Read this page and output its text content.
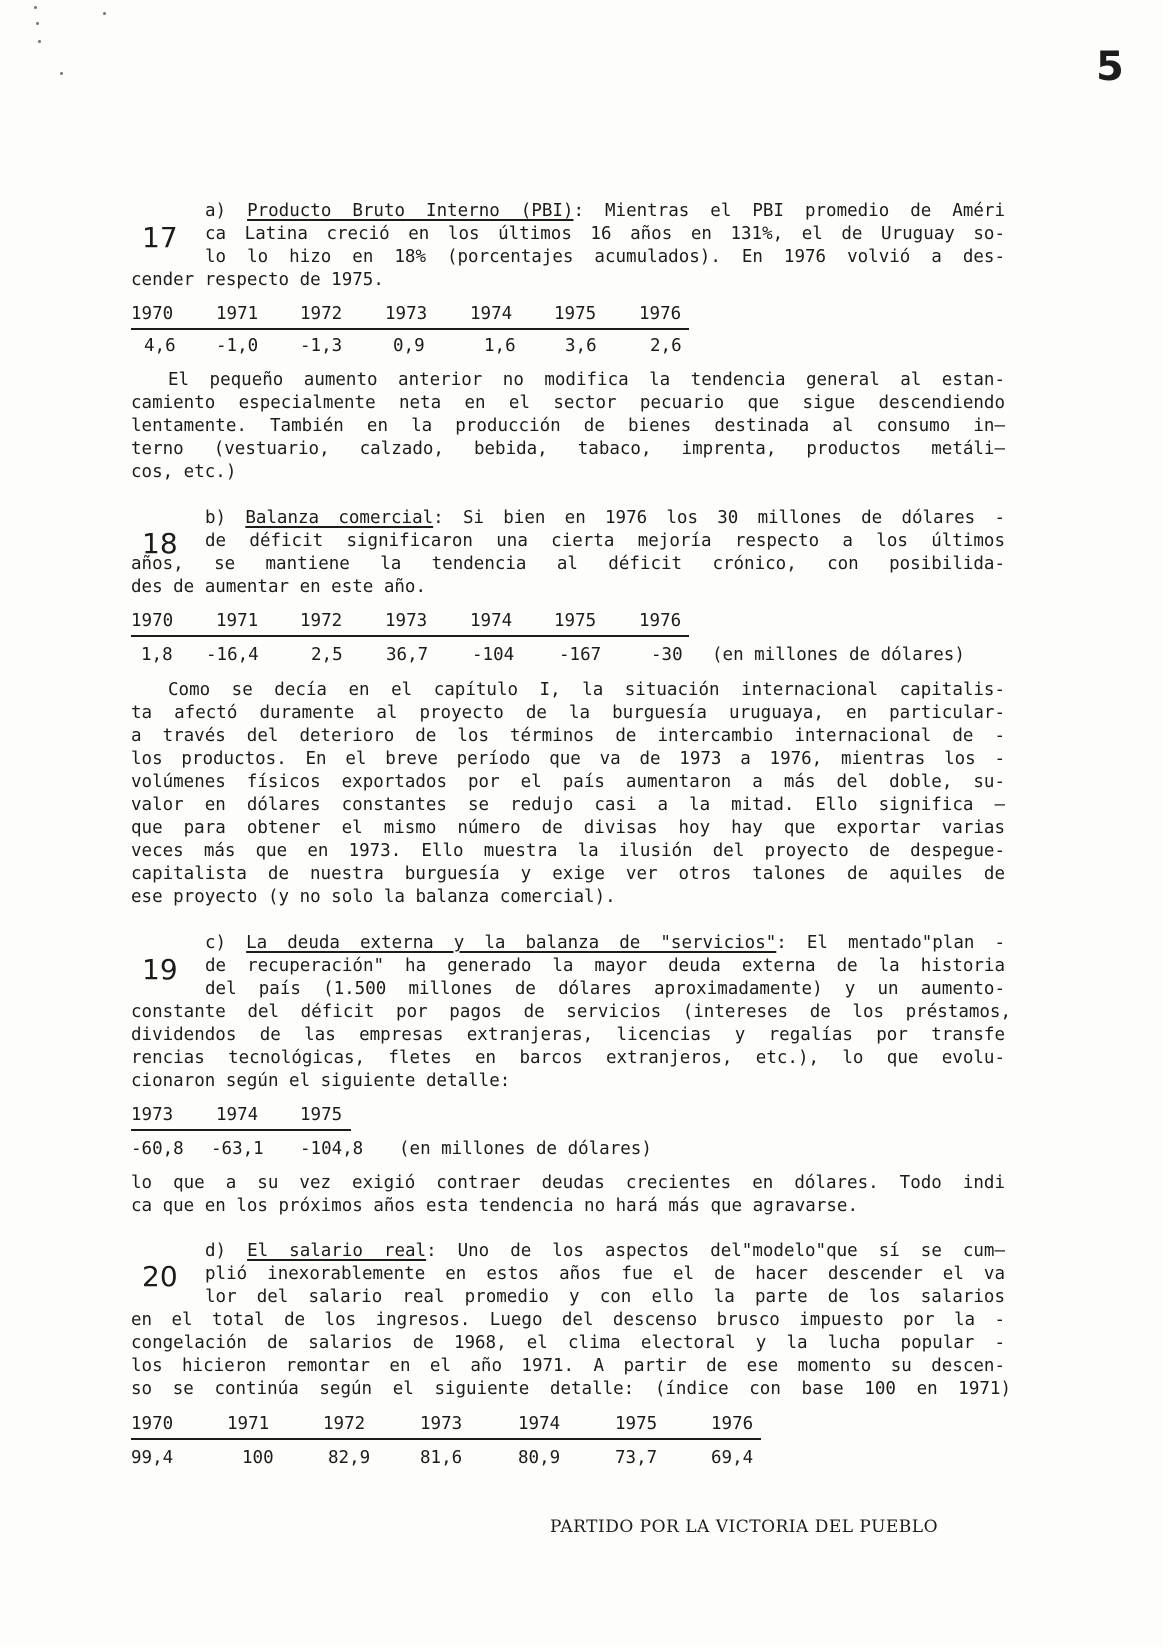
5
17
a) Producto Bruto Interno (PBI): Mientras el PBI promedio de Améri
ca Latina creció en los últimos 16 años en 131%, el de Uruguay so-
lo lo hizo en 18% (porcentajes acumulados). En 1976 volvió a des-
cender respecto de 1975.
1970 1971 1972 1973 1974 1975 1976
4,6 -1,0 -1,3	0,9	1,6	3,6	2,6
El pequeño aumento anterior no modifica la tendencia general al estan-
camiento especialmente neta en el sector pecuario que sigue descendiendo
lentamente. También en la producción de bienes destinada al consumo in—
terno (vestuario, calzado, bebida, tabaco, imprenta, productos metáli—
cos, etc.)
18
b) Balanza comercial: Si bien en 1976 los 30 millones de dólares -
de déficit significaron una cierta mejoría respecto a los últimos
años, se mantiene la tendencia al déficit crónico, con posibilida-
des de aumentar en este año.
1970 1971 1972 1973 1974 1975 1976
1,8 -16,4	2,5 36,7	-104	-167	-30 (en millones de dólares)
Como se decía en el capítulo I, la situación internacional capitalis-
ta afectó duramente al proyecto de la burguesía uruguaya, en particular-
a través del deterioro de los términos de intercambio internacional de -
los productos. En el breve período que va de 1973 a 1976, mientras los -
volúmenes físicos exportados por el país aumentaron a más del doble, su-
valor en dólares constantes se redujo casi a la mitad. Ello significa —
que para obtener el mismo número de divisas hoy hay que exportar varias
veces más que en 1973. Ello muestra la ilusión del proyecto de despegue-
capitalista de nuestra burguesía y exige ver otros talones de aquiles de
ese proyecto (y no solo la balanza comercial).
19
c) La deuda externa y la balanza de "servicios": El mentado"plan -
de recuperación" ha generado la mayor deuda externa de la historia
del país (1.500 millones de dólares aproximadamente) y un aumento-
constante del déficit por pagos de servicios (intereses de los préstamos,
dividendos de las empresas extranjeras, licencias y regalías por transfe
rencias tecnológicas, fletes en barcos extranjeros, etc.), lo que evolu-
cionaron según el siguiente detalle:
1973 1974 1975
-60,8 -63,1 -104,8 (en millones de dólares)
lo que a su vez exigió contraer deudas crecientes en dólares. Todo indi
ca que en los próximos años esta tendencia no hará más que agravarse.
20
d) El salario real: Uno de los aspectos del"modelo"que sí se cum—
plió inexorablemente en estos años fue el de hacer descender el va
lor del salario real promedio y con ello la parte de los salarios
en el total de los ingresos. Luego del descenso brusco impuesto por la -
congelación de salarios de 1968, el clima electoral y la lucha popular -
los hicieron remontar en el año 1971. A partir de ese momento su descen-
so se continúa según el siguiente detalle: (índice con base 100 en 1971)
1970	1971	1972	1973	1974	1975	1976
99,4	100	82,9	81,6	80,9	73,7	69,4
PARTIDO POR LA VICTORIA DEL PUEBLO
